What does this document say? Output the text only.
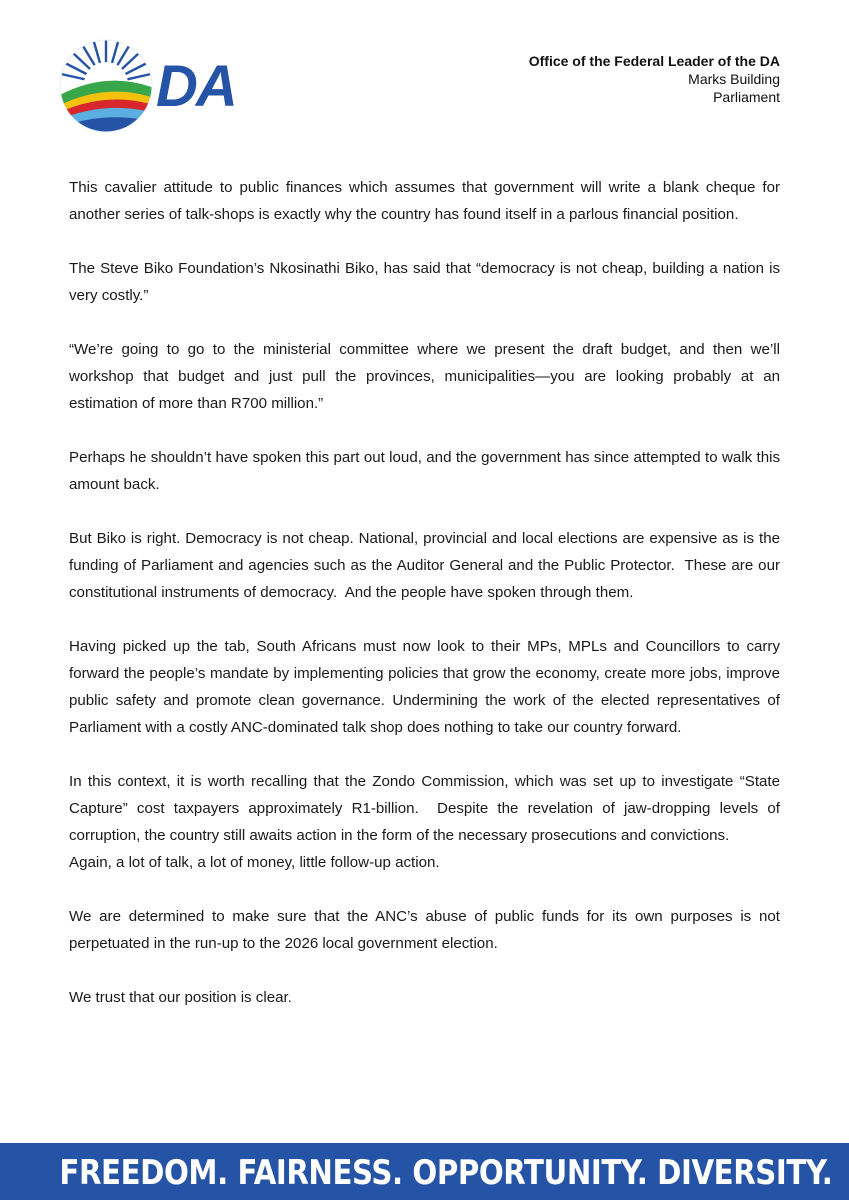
DA	Office of the Federal Leader of the DA
Marks Building
Parliament

This cavalier attitude to public finances which assumes that government will write a blank cheque for another series of talk-shops is exactly why the country has found itself in a parlous financial position.

The Steve Biko Foundation’s Nkosinathi Biko, has said that “democracy is not cheap, building a nation is very costly.”

“We’re going to go to the ministerial committee where we present the draft budget, and then we’ll workshop that budget and just pull the provinces, municipalities—you are looking probably at an estimation of more than R700 million.”

Perhaps he shouldn’t have spoken this part out loud, and the government has since attempted to walk this amount back.

But Biko is right. Democracy is not cheap. National, provincial and local elections are expensive as is the funding of Parliament and agencies such as the Auditor General and the Public Protector.  These are our constitutional instruments of democracy.  And the people have spoken through them.

Having picked up the tab, South Africans must now look to their MPs, MPLs and Councillors to carry forward the people’s mandate by implementing policies that grow the economy, create more jobs, improve public safety and promote clean governance. Undermining the work of the elected representatives of Parliament with a costly ANC-dominated talk shop does nothing to take our country forward.

In this context, it is worth recalling that the Zondo Commission, which was set up to investigate “State Capture” cost taxpayers approximately R1-billion.  Despite the revelation of jaw-dropping levels of corruption, the country still awaits action in the form of the necessary prosecutions and convictions.

Again, a lot of talk, a lot of money, little follow-up action.

We are determined to make sure that the ANC’s abuse of public funds for its own purposes is not perpetuated in the run-up to the 2026 local government election.

We trust that our position is clear.

FREEDOM. FAIRNESS. OPPORTUNITY. DIVERSITY.
